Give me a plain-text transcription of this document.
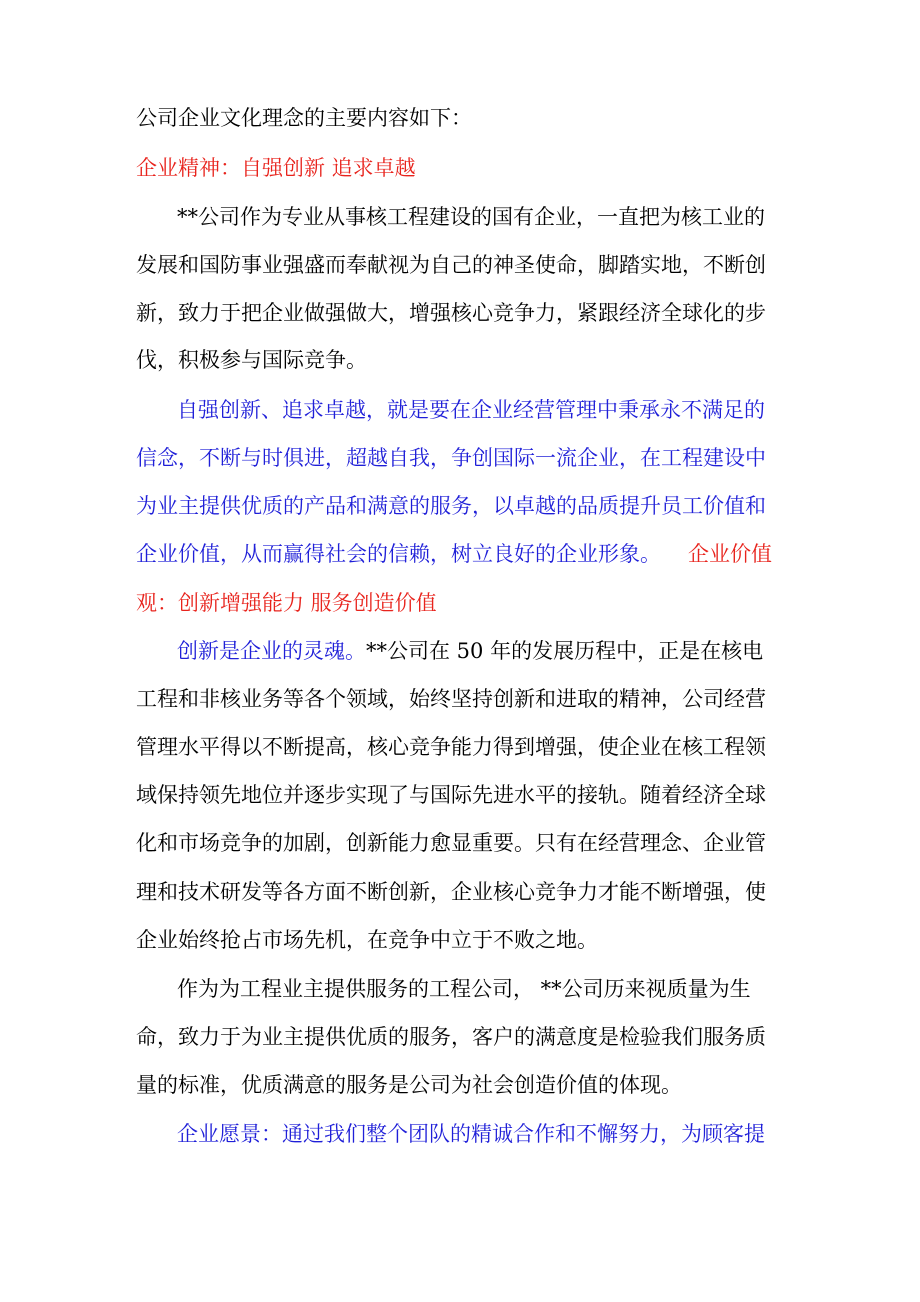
公司企业文化理念的主要内容如下：
企业精神：自强创新 追求卓越
**公司作为专业从事核工程建设的国有企业，一直把为核工业的
发展和国防事业强盛而奉献视为自己的神圣使命，脚踏实地，不断创
新，致力于把企业做强做大，增强核心竞争力，紧跟经济全球化的步
伐，积极参与国际竞争。
自强创新、追求卓越，就是要在企业经营管理中秉承永不满足的
信念，不断与时俱进，超越自我，争创国际一流企业，在工程建设中
为业主提供优质的产品和满意的服务，以卓越的品质提升员工价值和
企业价值，从而赢得社会的信赖，树立良好的企业形象。	企业价值
观：创新增强能力 服务创造价值
创新是企业的灵魂。**公司在 50 年的发展历程中，正是在核电
工程和非核业务等各个领域，始终坚持创新和进取的精神，公司经营
管理水平得以不断提高，核心竞争能力得到增强，使企业在核工程领
域保持领先地位并逐步实现了与国际先进水平的接轨。随着经济全球
化和市场竞争的加剧，创新能力愈显重要。只有在经营理念、企业管
理和技术研发等各方面不断创新，企业核心竞争力才能不断增强，使
企业始终抢占市场先机，在竞争中立于不败之地。
作为为工程业主提供服务的工程公司， **公司历来视质量为生
命，致力于为业主提供优质的服务，客户的满意度是检验我们服务质
量的标准，优质满意的服务是公司为社会创造价值的体现。
企业愿景：通过我们整个团队的精诚合作和不懈努力，为顾客提
